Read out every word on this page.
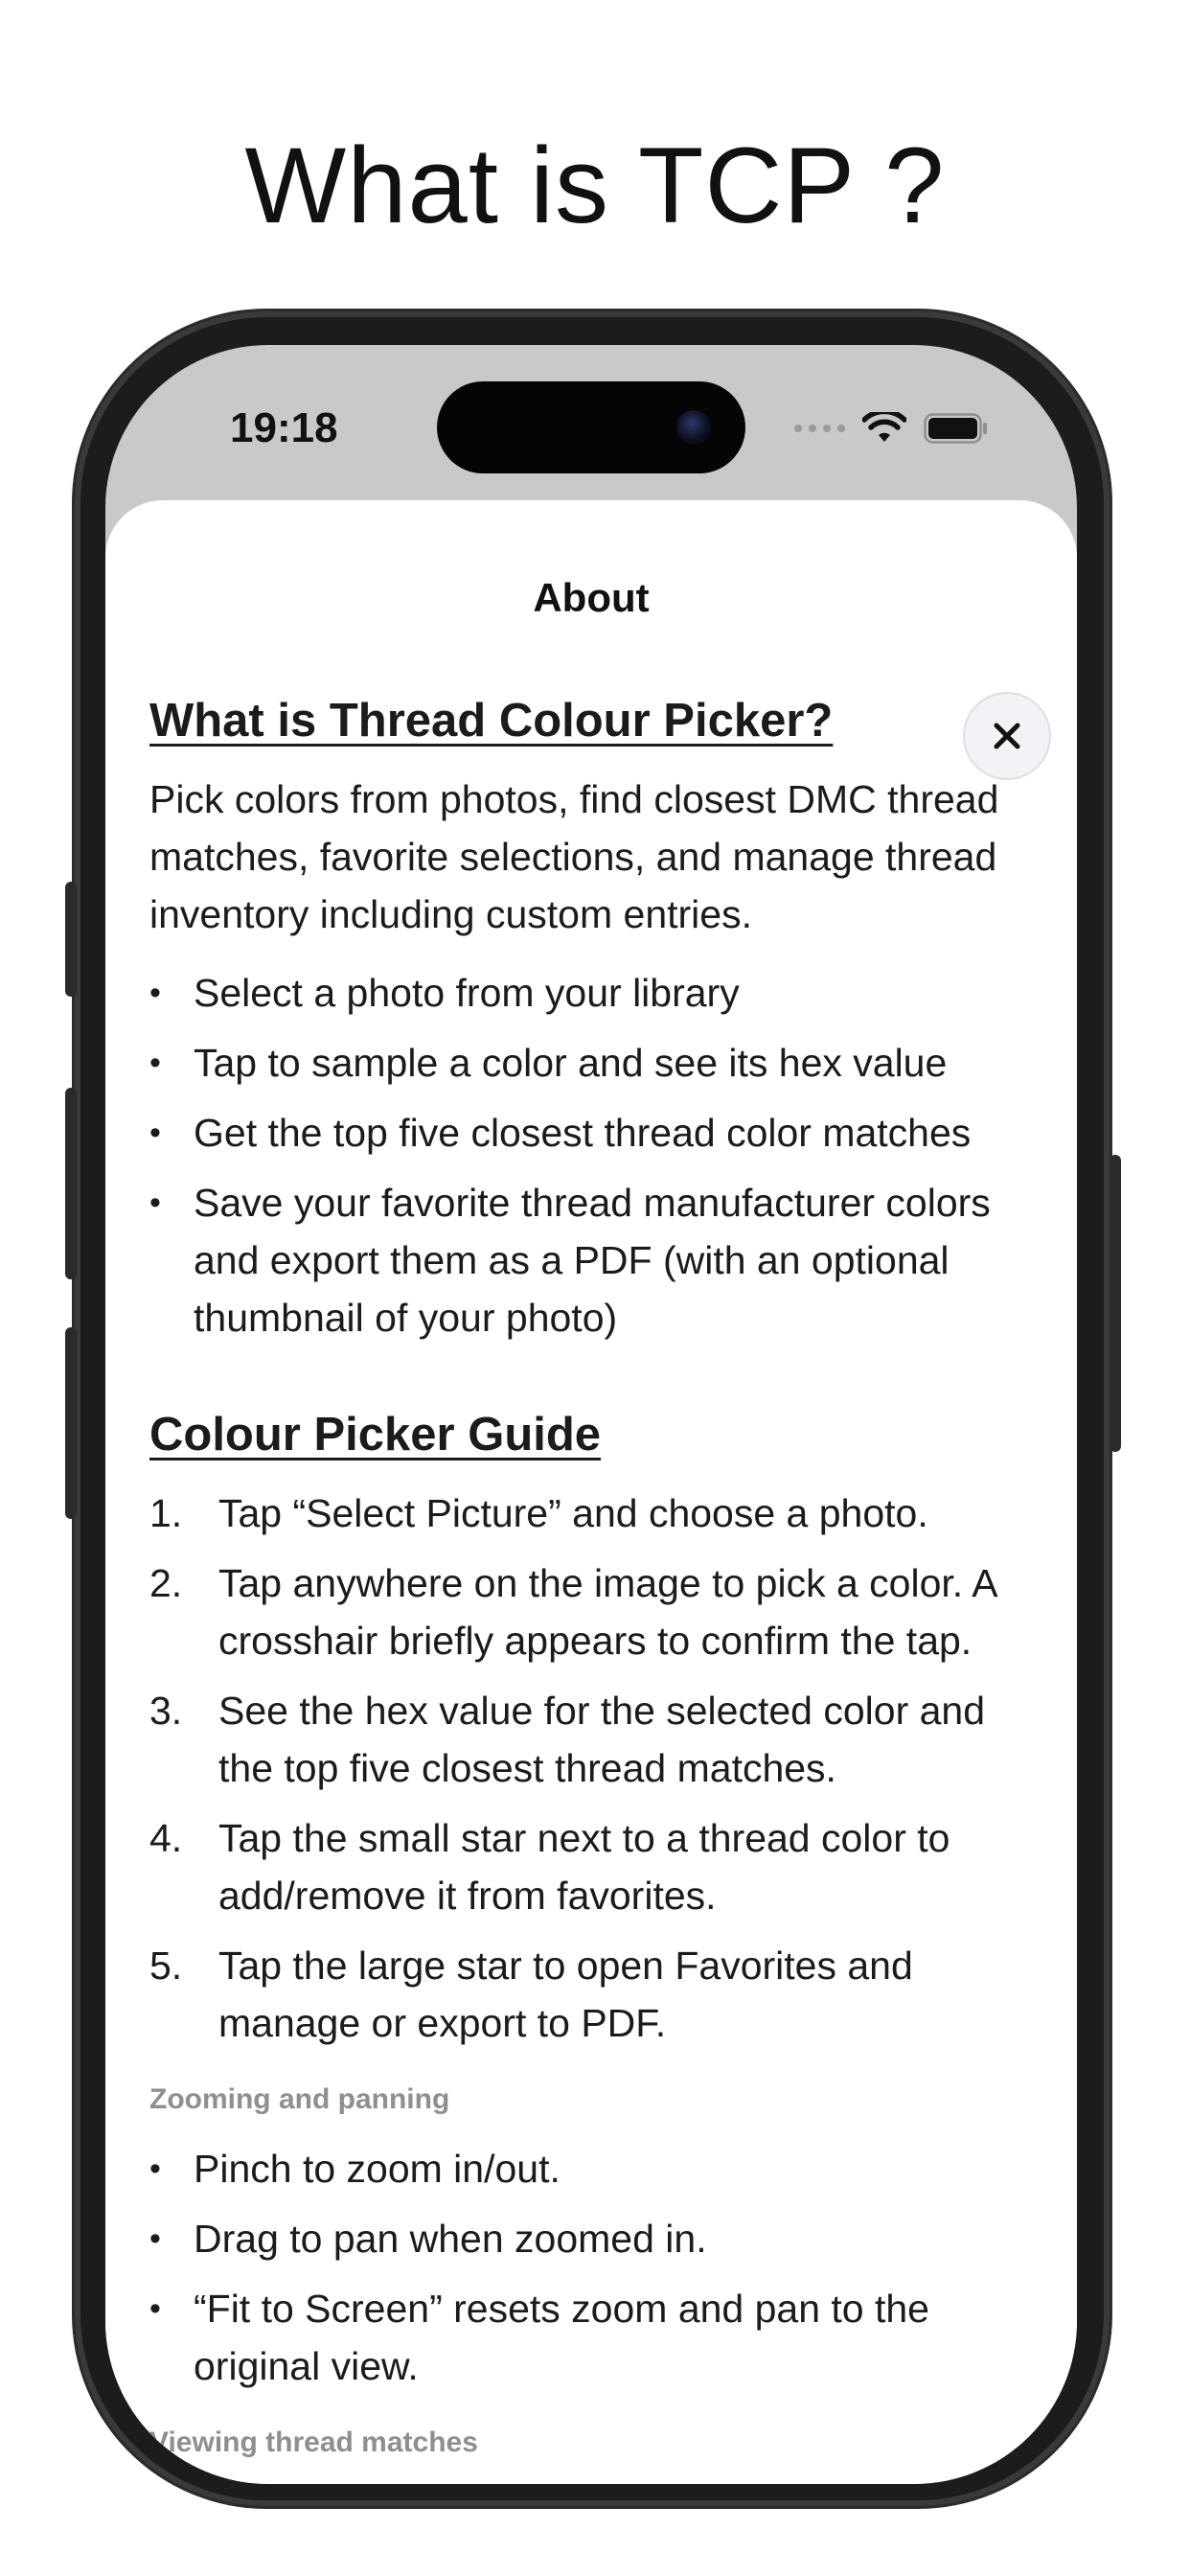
What is TCP ?
19:18
About
What is Thread Colour Picker?

Pick colors from photos, find closest DMC thread matches, favorite selections, and manage thread inventory including custom entries.

• Select a photo from your library
• Tap to sample a color and see its hex value
• Get the top five closest thread color matches
• Save your favorite thread manufacturer colors and export them as a PDF (with an optional thumbnail of your photo)
Colour Picker Guide
1. Tap “Select Picture” and choose a photo.
2. Tap anywhere on the image to pick a color. A crosshair briefly appears to confirm the tap.
3. See the hex value for the selected color and the top five closest thread matches.
4. Tap the small star next to a thread color to add/remove it from favorites.
5. Tap the large star to open Favorites and manage or export to PDF.
Zooming and panning
• Pinch to zoom in/out.
• Drag to pan when zoomed in.
• “Fit to Screen” resets zoom and pan to the original view.
Viewing thread matches
